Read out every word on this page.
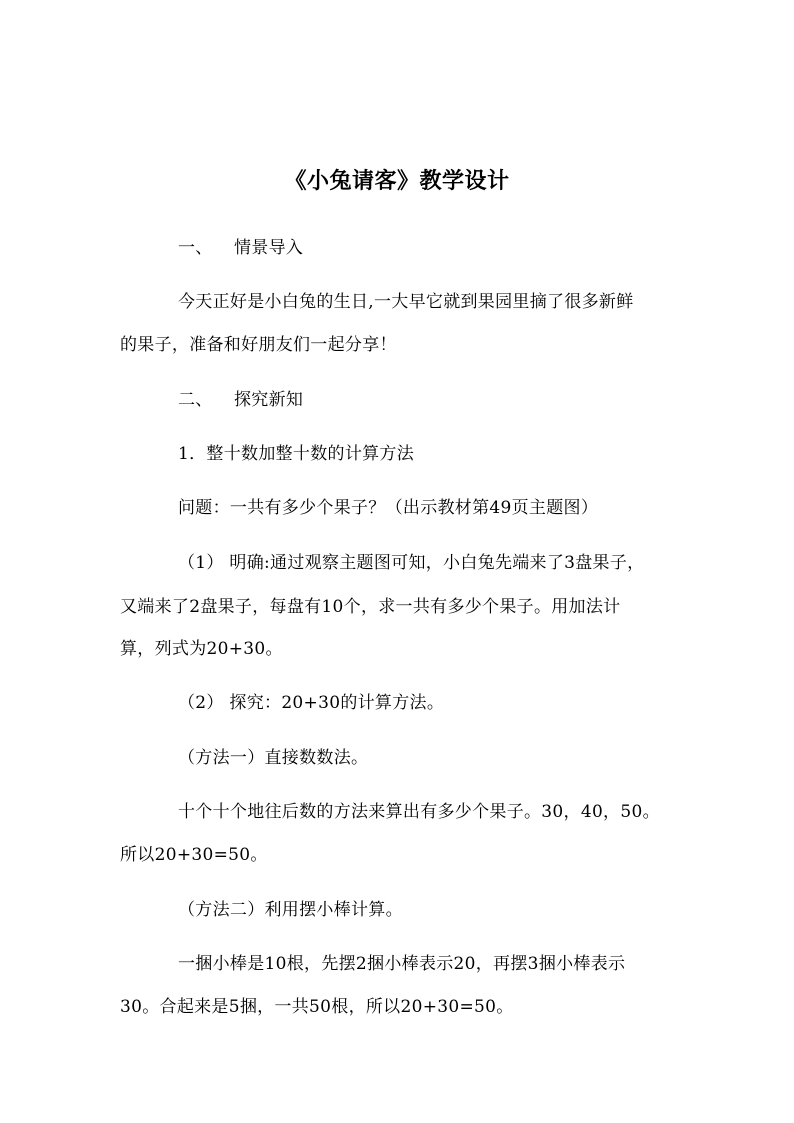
《小兔请客》教学设计
一、 情景导入
今天正好是小白兔的生日,一大早它就到果园里摘了很多新鲜
的果子，准备和好朋友们一起分享！
二、 探究新知
1．整十数加整十数的计算方法
问题：一共有多少个果子？（出示教材第49页主题图）
（1） 明确:通过观察主题图可知，小白兔先端来了3盘果子，
又端来了2盘果子，每盘有10个，求一共有多少个果子。用加法计
算，列式为20+30。
（2） 探究：20+30的计算方法。
（方法一）直接数数法。
十个十个地往后数的方法来算出有多少个果子。30，40，50。
所以20+30=50。
（方法二）利用摆小棒计算。
一捆小棒是10根，先摆2捆小棒表示20，再摆3捆小棒表示
30。合起来是5捆，一共50根，所以20+30=50。
